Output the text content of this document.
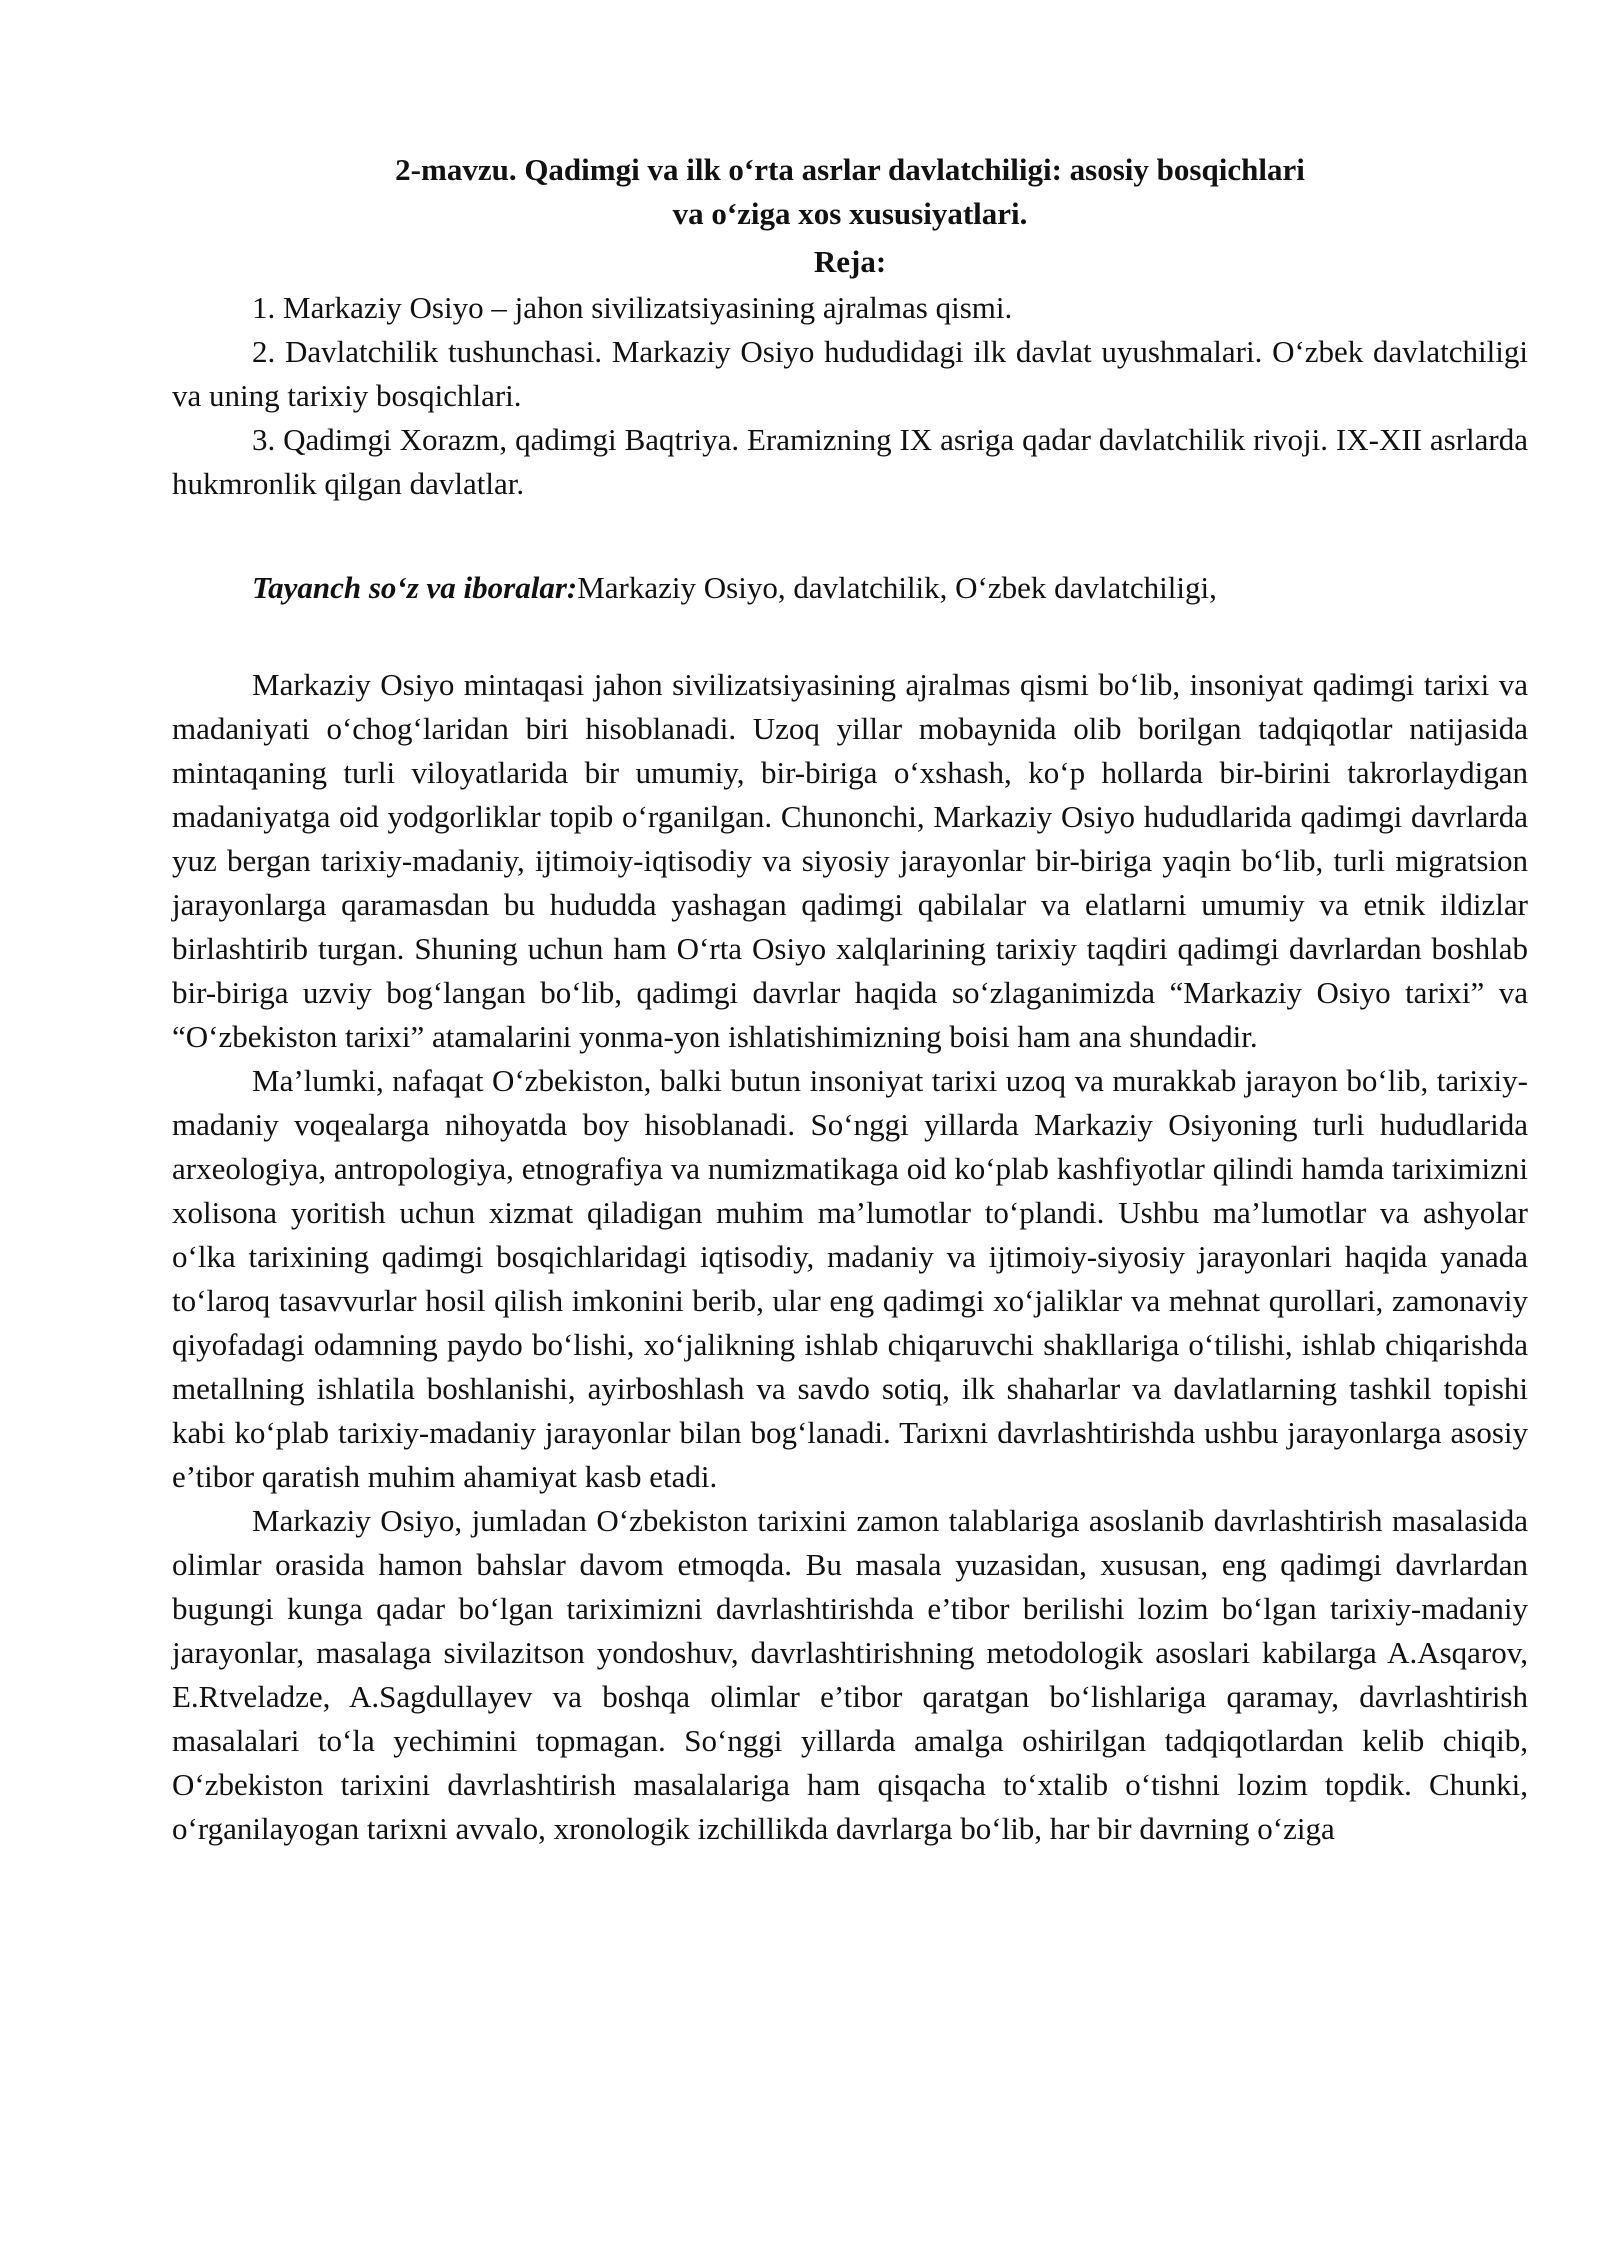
2-mavzu. Qadimgi va ilk o‘rta asrlar davlatchiligi: asosiy bosqichlari
va o‘ziga xos xususiyatlari.
Reja:

1. Markaziy Osiyo – jahon sivilizatsiyasining ajralmas qismi.

2. Davlatchilik tushunchasi. Markaziy Osiyo hududidagi ilk davlat uyushmalari. O‘zbek davlatchiligi va uning tarixiy bosqichlari.

3. Qadimgi Xorazm, qadimgi Baqtriya. Eramizning IX asriga qadar davlatchilik rivoji. IX-XII asrlarda hukmronlik qilgan davlatlar.

Tayanch so‘z va iboralar:Markaziy Osiyo, davlatchilik, O‘zbek davlatchiligi,

Markaziy Osiyo mintaqasi jahon sivilizatsiyasining ajralmas qismi bo‘lib, insoniyat qadimgi tarixi va madaniyati o‘chog‘laridan biri hisoblanadi. Uzoq yillar mobaynida olib borilgan tadqiqotlar natijasida mintaqaning turli viloyatlarida bir umumiy, bir-biriga o‘xshash, ko‘p hollarda bir-birini takrorlaydigan madaniyatga oid yodgorliklar topib o‘rganilgan. Chunonchi, Markaziy Osiyo hududlarida qadimgi davrlarda yuz bergan tarixiy-madaniy, ijtimoiy-iqtisodiy va siyosiy jarayonlar bir-biriga yaqin bo‘lib, turli migratsion jarayonlarga qaramasdan bu hududda yashagan qadimgi qabilalar va elatlarni umumiy va etnik ildizlar birlashtirib turgan. Shuning uchun ham O‘rta Osiyo xalqlarining tarixiy taqdiri qadimgi davrlardan boshlab bir-biriga uzviy bog‘langan bo‘lib, qadimgi davrlar haqida so‘zlaganimizda “Markaziy Osiyo tarixi” va “O‘zbekiston tarixi” atamalarini yonma-yon ishlatishimizning boisi ham ana shundadir.

Ma’lumki, nafaqat O‘zbekiston, balki butun insoniyat tarixi uzoq va murakkab jarayon bo‘lib, tarixiy-madaniy voqealarga nihoyatda boy hisoblanadi. So‘nggi yillarda Markaziy Osiyoning turli hududlarida arxeologiya, antropologiya, etnografiya va numizmatikaga oid ko‘plab kashfiyotlar qilindi hamda tariximizni xolisona yoritish uchun xizmat qiladigan muhim ma’lumotlar to‘plandi. Ushbu ma’lumotlar va ashyolar o‘lka tarixining qadimgi bosqichlaridagi iqtisodiy, madaniy va ijtimoiy-siyosiy jarayonlari haqida yanada to‘laroq tasavvurlar hosil qilish imkonini berib, ular eng qadimgi xo‘jaliklar va mehnat qurollari, zamonaviy qiyofadagi odamning paydo bo‘lishi, xo‘jalikning ishlab chiqaruvchi shakllariga o‘tilishi, ishlab chiqarishda metallning ishlatila boshlanishi, ayirboshlash va savdo sotiq, ilk shaharlar va davlatlarning tashkil topishi kabi ko‘plab tarixiy-madaniy jarayonlar bilan bog‘lanadi. Tarixni davrlashtirishda ushbu jarayonlarga asosiy e’tibor qaratish muhim ahamiyat kasb etadi.

Markaziy Osiyo, jumladan O‘zbekiston tarixini zamon talablariga asoslanib davrlashtirish masalasida olimlar orasida hamon bahslar davom etmoqda. Bu masala yuzasidan, xususan, eng qadimgi davrlardan bugungi kunga qadar bo‘lgan tariximizni davrlashtirishda e’tibor berilishi lozim bo‘lgan tarixiy-madaniy jarayonlar, masalaga sivilazitson yondoshuv, davrlashtirishning metodologik asoslari kabilarga A.Asqarov, E.Rtveladze, A.Sagdullayev va boshqa olimlar e’tibor qaratgan bo‘lishlariga qaramay, davrlashtirish masalalari to‘la yechimini topmagan. So‘nggi yillarda amalga oshirilgan tadqiqotlardan kelib chiqib, O‘zbekiston tarixini davrlashtirish masalalariga ham qisqacha to‘xtalib o‘tishni lozim topdik. Chunki, o‘rganilayogan tarixni avvalo, xronologik izchillikda davrlarga bo‘lib, har bir davrning o‘ziga
